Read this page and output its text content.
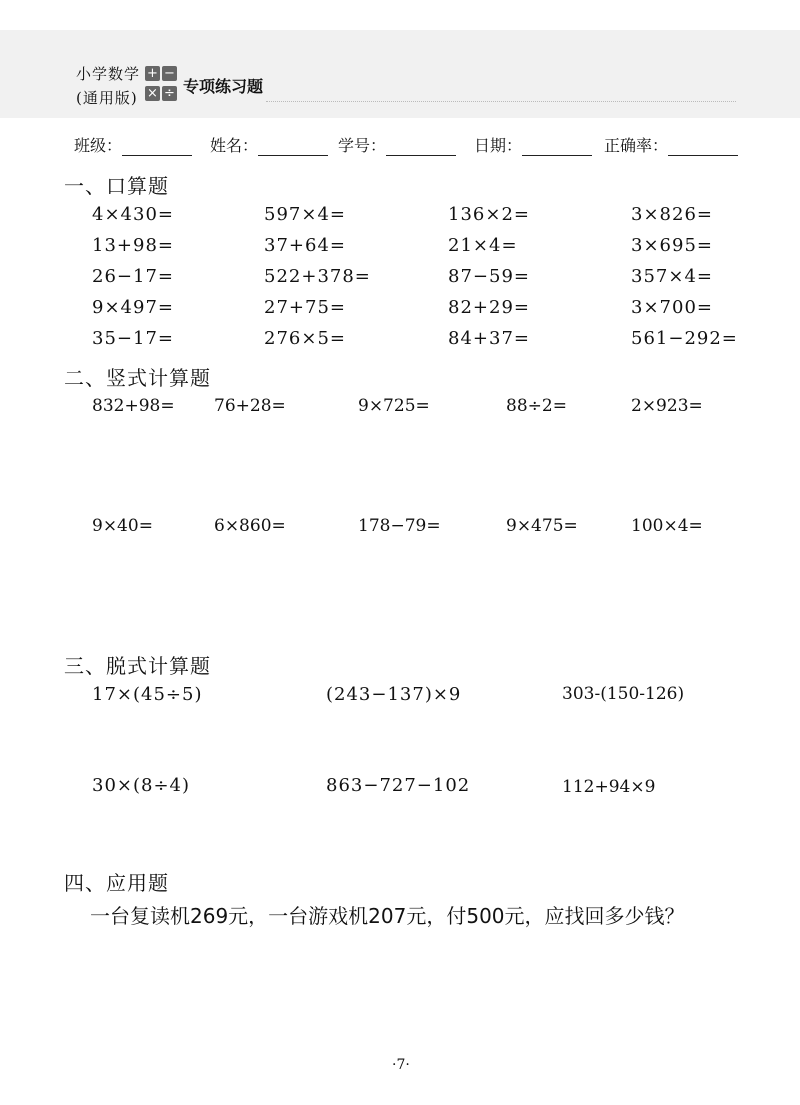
小学数学
(通用版)
+ −
× ÷ 专项练习题
班级：	姓名：	学号：	日期：	正确率：
一、口算题
4×430=	597×4=	136×2=	3×826=
13+98=	37+64=	21×4=	3×695=
26−17=	522+378=	87−59=	357×4=
9×497=	27+75=	82+29=	3×700=
35−17=	276×5=	84+37=	561−292=
二、竖式计算题
832+98= 76+28=	9×725=	88÷2=	2×923=
9×40=	6×860=	178−79=	9×475=	100×4=
三、脱式计算题
17×(45÷5)	(243−137)×9	303-(150-126)
30×(8÷4)	863−727−102	112+94×9
四、应用题
一台复读机269元，一台游戏机207元，付500元，应找回多少钱？
·7·
